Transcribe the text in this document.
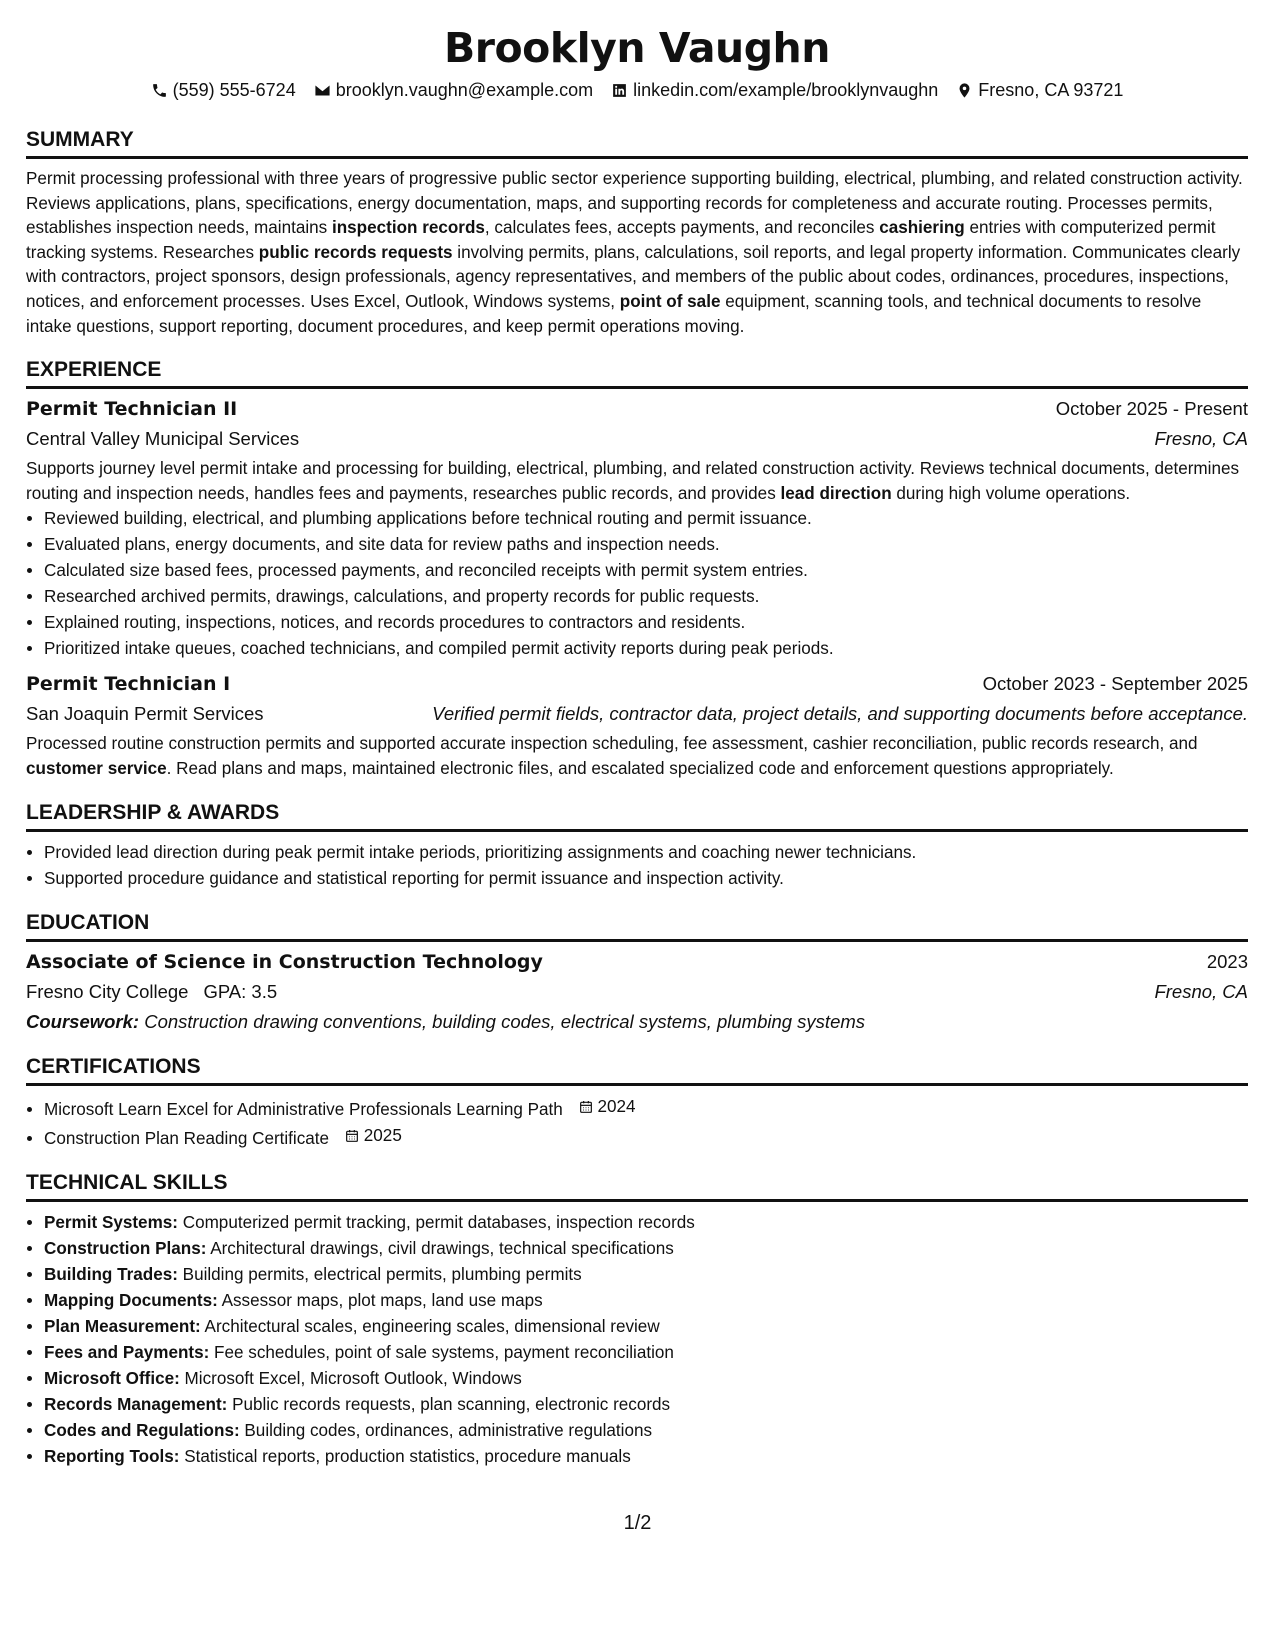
Brooklyn Vaughn
(559) 555-6724 brooklyn.vaughn@example.com linkedin.com/example/brooklynvaughn Fresno, CA 93721
SUMMARY
Permit processing professional with three years of progressive public sector experience supporting building, electrical, plumbing, and related construction activity. Reviews applications, plans, specifications, energy documentation, maps, and supporting records for completeness and accurate routing. Processes permits, establishes inspection needs, maintains inspection records, calculates fees, accepts payments, and reconciles cashiering entries with computerized permit tracking systems. Researches public records requests involving permits, plans, calculations, soil reports, and legal property information. Communicates clearly with contractors, project sponsors, design professionals, agency representatives, and members of the public about codes, ordinances, procedures, inspections, notices, and enforcement processes. Uses Excel, Outlook, Windows systems, point of sale equipment, scanning tools, and technical documents to resolve intake questions, support reporting, document procedures, and keep permit operations moving.
EXPERIENCE
Permit Technician II	October 2025 - Present
Central Valley Municipal Services	Fresno, CA
Supports journey level permit intake and processing for building, electrical, plumbing, and related construction activity. Reviews technical documents, determines routing and inspection needs, handles fees and payments, researches public records, and provides lead direction during high volume operations.
• Reviewed building, electrical, and plumbing applications before technical routing and permit issuance.
• Evaluated plans, energy documents, and site data for review paths and inspection needs.
• Calculated size based fees, processed payments, and reconciled receipts with permit system entries.
• Researched archived permits, drawings, calculations, and property records for public requests.
• Explained routing, inspections, notices, and records procedures to contractors and residents.
• Prioritized intake queues, coached technicians, and compiled permit activity reports during peak periods.
Permit Technician I	October 2023 - September 2025
San Joaquin Permit Services	Verified permit fields, contractor data, project details, and supporting documents before acceptance.
Processed routine construction permits and supported accurate inspection scheduling, fee assessment, cashier reconciliation, public records research, and customer service. Read plans and maps, maintained electronic files, and escalated specialized code and enforcement questions appropriately.
LEADERSHIP & AWARDS
• Provided lead direction during peak permit intake periods, prioritizing assignments and coaching newer technicians.
• Supported procedure guidance and statistical reporting for permit issuance and inspection activity.
EDUCATION
Associate of Science in Construction Technology	2023
Fresno City College GPA: 3.5	Fresno, CA
Coursework: Construction drawing conventions, building codes, electrical systems, plumbing systems
CERTIFICATIONS
• Microsoft Learn Excel for Administrative Professionals Learning Path 2024
• Construction Plan Reading Certificate 2025
TECHNICAL SKILLS
• Permit Systems: Computerized permit tracking, permit databases, inspection records
• Construction Plans: Architectural drawings, civil drawings, technical specifications
• Building Trades: Building permits, electrical permits, plumbing permits
• Mapping Documents: Assessor maps, plot maps, land use maps
• Plan Measurement: Architectural scales, engineering scales, dimensional review
• Fees and Payments: Fee schedules, point of sale systems, payment reconciliation
• Microsoft Office: Microsoft Excel, Microsoft Outlook, Windows
• Records Management: Public records requests, plan scanning, electronic records
• Codes and Regulations: Building codes, ordinances, administrative regulations
• Reporting Tools: Statistical reports, production statistics, procedure manuals
1/2
